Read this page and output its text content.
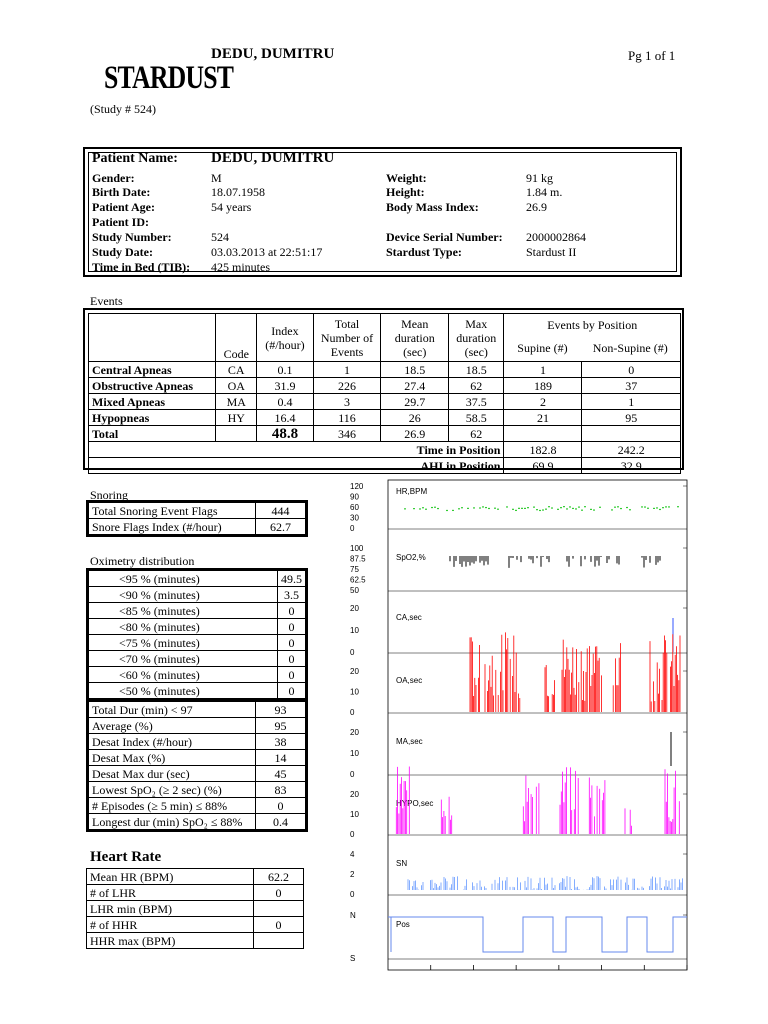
DEDU, DUMITRU	Pg 1 of 1
STARDUST
(Study # 524)
Patient Name: DEDU, DUMITRU
Gender:	M
Birth Date:	18.07.1958
Patient Age:	54 years
Patient ID:
Study Number:	524
Study Date:	03.03.2013 at 22:51:17
Time in Bed (TIB): 425 minutes
Weight:	91 kg
Height:	1.84 m.
Body Mass Index:	26.9
Device Serial Number: 2000002864
Stardust Type:	Stardust II
Events
	Code	Index (#/hour)	Total Number of Events	Mean duration (sec)	Max duration (sec)	Events by Position
Supine (#) Non-Supine (#)	

Central Apneas	CA	0.1	1	18.5	18.5	1	0
Obstructive Apneas	OA	31.9	226	27.4	62	189	37
Mixed Apneas	MA	0.4	3	29.7	37.5	2	1
Hypopneas	HY	16.4	116	26	58.5	21	95
Total		48.8	346	26.9	62		
Time in Position						182.8	242.2
AHI in Position						69.9	32.9
Snoring
Total Snoring Event Flags	444
Snore Flags Index (#/hour)	62.7
Oximetry distribution
<95 % (minutes)	49.5
<90 % (minutes)	3.5
<85 % (minutes)	0
<80 % (minutes)	0
<75 % (minutes)	0
<70 % (minutes)	0
<60 % (minutes)	0
<50 % (minutes)	0
Total Dur (min) < 97	93
Average (%)	95
Desat Index (#/hour)	38
Desat Max (%)	14
Desat Max dur (sec)	45
Lowest SpO₂ (≥ 2 sec) (%)	83
# Episodes (≥ 5 min) ≤ 88%	0
Longest dur (min) SpO₂ ≤ 88%	0.4
Heart Rate
Mean HR (BPM)	62.2
# of LHR	0
LHR min (BPM)	
# of HHR	0
HHR max (BPM)	
120
90
60
30
0
HR,BPM
100
87.5
75
62.5
50
SpO2,%
20
10
0
CA,sec
20
10
0
OA,sec
20
10
0
MA,sec
20
10
0
HYPO,sec
4
2
0
SN
N
S
Pos
